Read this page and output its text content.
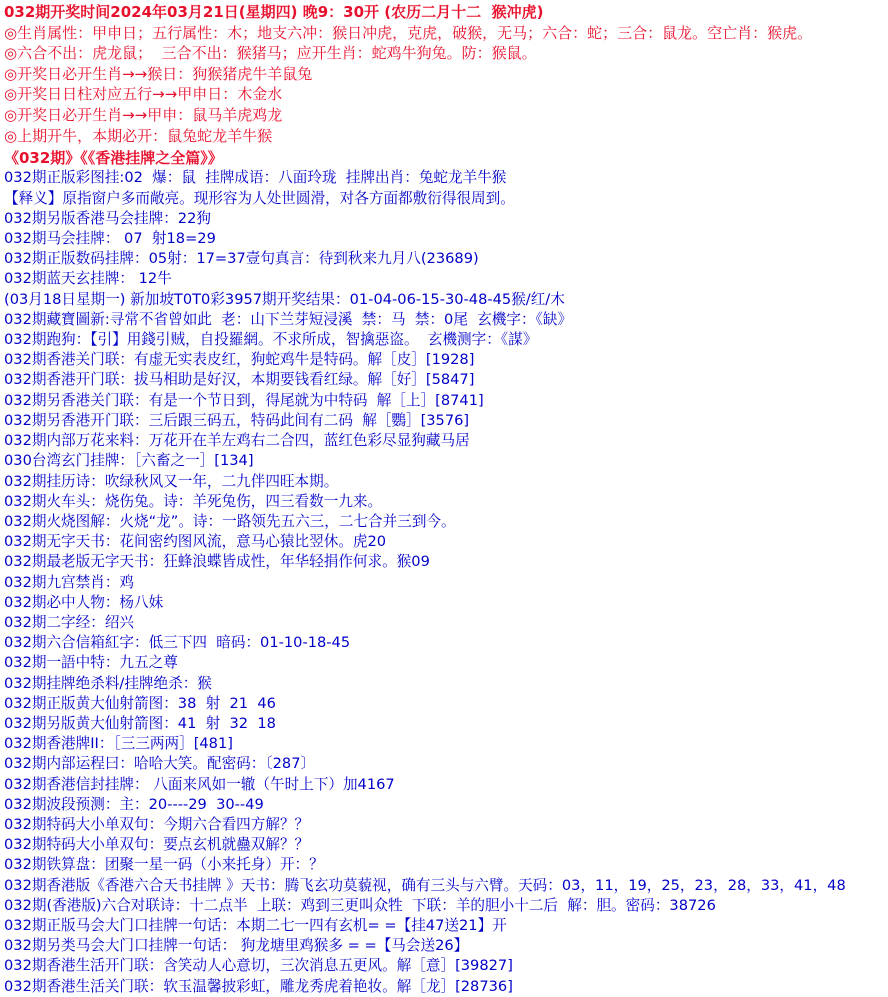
032期开奖时间2024年03月21日(星期四) 晚9：30开 (农历二月十二  猴冲虎)
◎生肖属性：甲申日；五行属性：木；地支六冲：猴日冲虎，克虎，破猴，无马；六合：蛇；三合：鼠龙。空亡肖：猴虎。
◎六合不出：虎龙鼠；  三合不出：猴猪马；应开生肖：蛇鸡牛狗兔。防：猴鼠。
◎开奖日必开生肖→→猴日：狗猴猪虎牛羊鼠兔
◎开奖日日柱对应五行→→甲申日：木金水
◎开奖日必开生肖→→甲申：鼠马羊虎鸡龙
◎上期开牛，本期必开：鼠兔蛇龙羊牛猴
《032期》《《香港挂牌之全篇》》
032期正版彩图挂:02  爆：鼠  挂牌成语：八面玲珑  挂牌出肖：兔蛇龙羊牛猴
【释义】原指窗户多而敞亮。现形容为人处世圆滑，对各方面都敷衍得很周到。
032期另版香港马会挂牌：22狗
032期马会挂牌： 07  射18=29
032期正版数码挂牌：05射：17=37壹句真言：待到秋来九月八(23689)
032期蓝天玄挂牌： 12牛
(03月18日星期一) 新加坡T0T0彩3957期开奖结果：01-04-06-15-30-48-45猴/红/木
032期藏寶圖新:寻常不省曾如此  老：山下兰芽短浸溪  禁：马  禁：0尾  玄機字：《缺》
032期跑狗：【引】用錢引贼，自投羅網。不求所成，智擒惡盗。  玄機测字：《謀》
032期香港关门联：有虚无实表皮红，狗蛇鸡牛是特码。解［皮］[1928]
032期香港开门联：拔马相助是好汉，本期要钱看红绿。解［好］[5847]
032期另香港关门联：有是一个节日到，得尾就为中特码  解［上］[8741]
032期另香港开门联：三后跟三码五，特码此间有二码  解［鸚］[3576]
032期内部万花来料：万花开在羊左鸡右二合四，蓝红色彩尽显狗藏马居
030台湾玄门挂牌：［六畜之一］[134]
032期挂历诗：吹绿秋风又一年，二九伴四旺本期。
032期火车头：烧伤兔。诗：羊死兔伤，四三看数一九来。
032期火烧图解：火烧“龙”。诗：一路领先五六三，二七合并三到今。
032期无字天书：花间密约图风流，意马心猿比翌休。虎20
032期最老版无字天书：狂蜂浪蝶皆成性，年华轻捐作何求。猴09
032期九宫禁肖：鸡
032期必中人物：杨八妹
032期二字经：绍兴
032期六合信箱紅字：低三下四  暗码：01-10-18-45
032期一語中特：九五之尊
032期挂牌绝杀料/挂牌绝杀：猴
032期正版黄大仙射箭图：38  射  21  46
032期另版黄大仙射箭图：41  射  32  18
032期香港牌II：［三三两两］[481]
032期内部运程曰：哈哈大笑。配密码：〔287〕
032期香港信封挂牌： 八面来风如一辙（午时上下）加4167
032期波段预测：主：20----29  30--49
032期特码大小单双句：今期六合看四方解？？
032期特码大小单双句：要点玄机就蠱双解？？
032期铁算盘：团聚一星一码（小来托身）开：？
032期香港版《香港六合天书挂牌 》天书：腾飞玄功莫藐视，确有三头与六臂。天码：03，11，19，25，23，28，33，41，48
032期(香港版)六合对联诗：十二点半  上联：鸡到三更叫众牲  下联：羊的胆小十二后  解：胆。密码：38726
032期正版马会大门口挂牌一句话：本期二七一四有玄机= =【挂47送21】开
032期另类马会大门口挂牌一句话： 狗龙塘里鸡猴多 = =【马会送26】
032期香港生活开门联：含笑动人心意切，三次消息五更风。解［意］[39827]
032期香港生活关门联：软玉温馨披彩虹，雕龙秀虎着艳妆。解［龙］[28736]
